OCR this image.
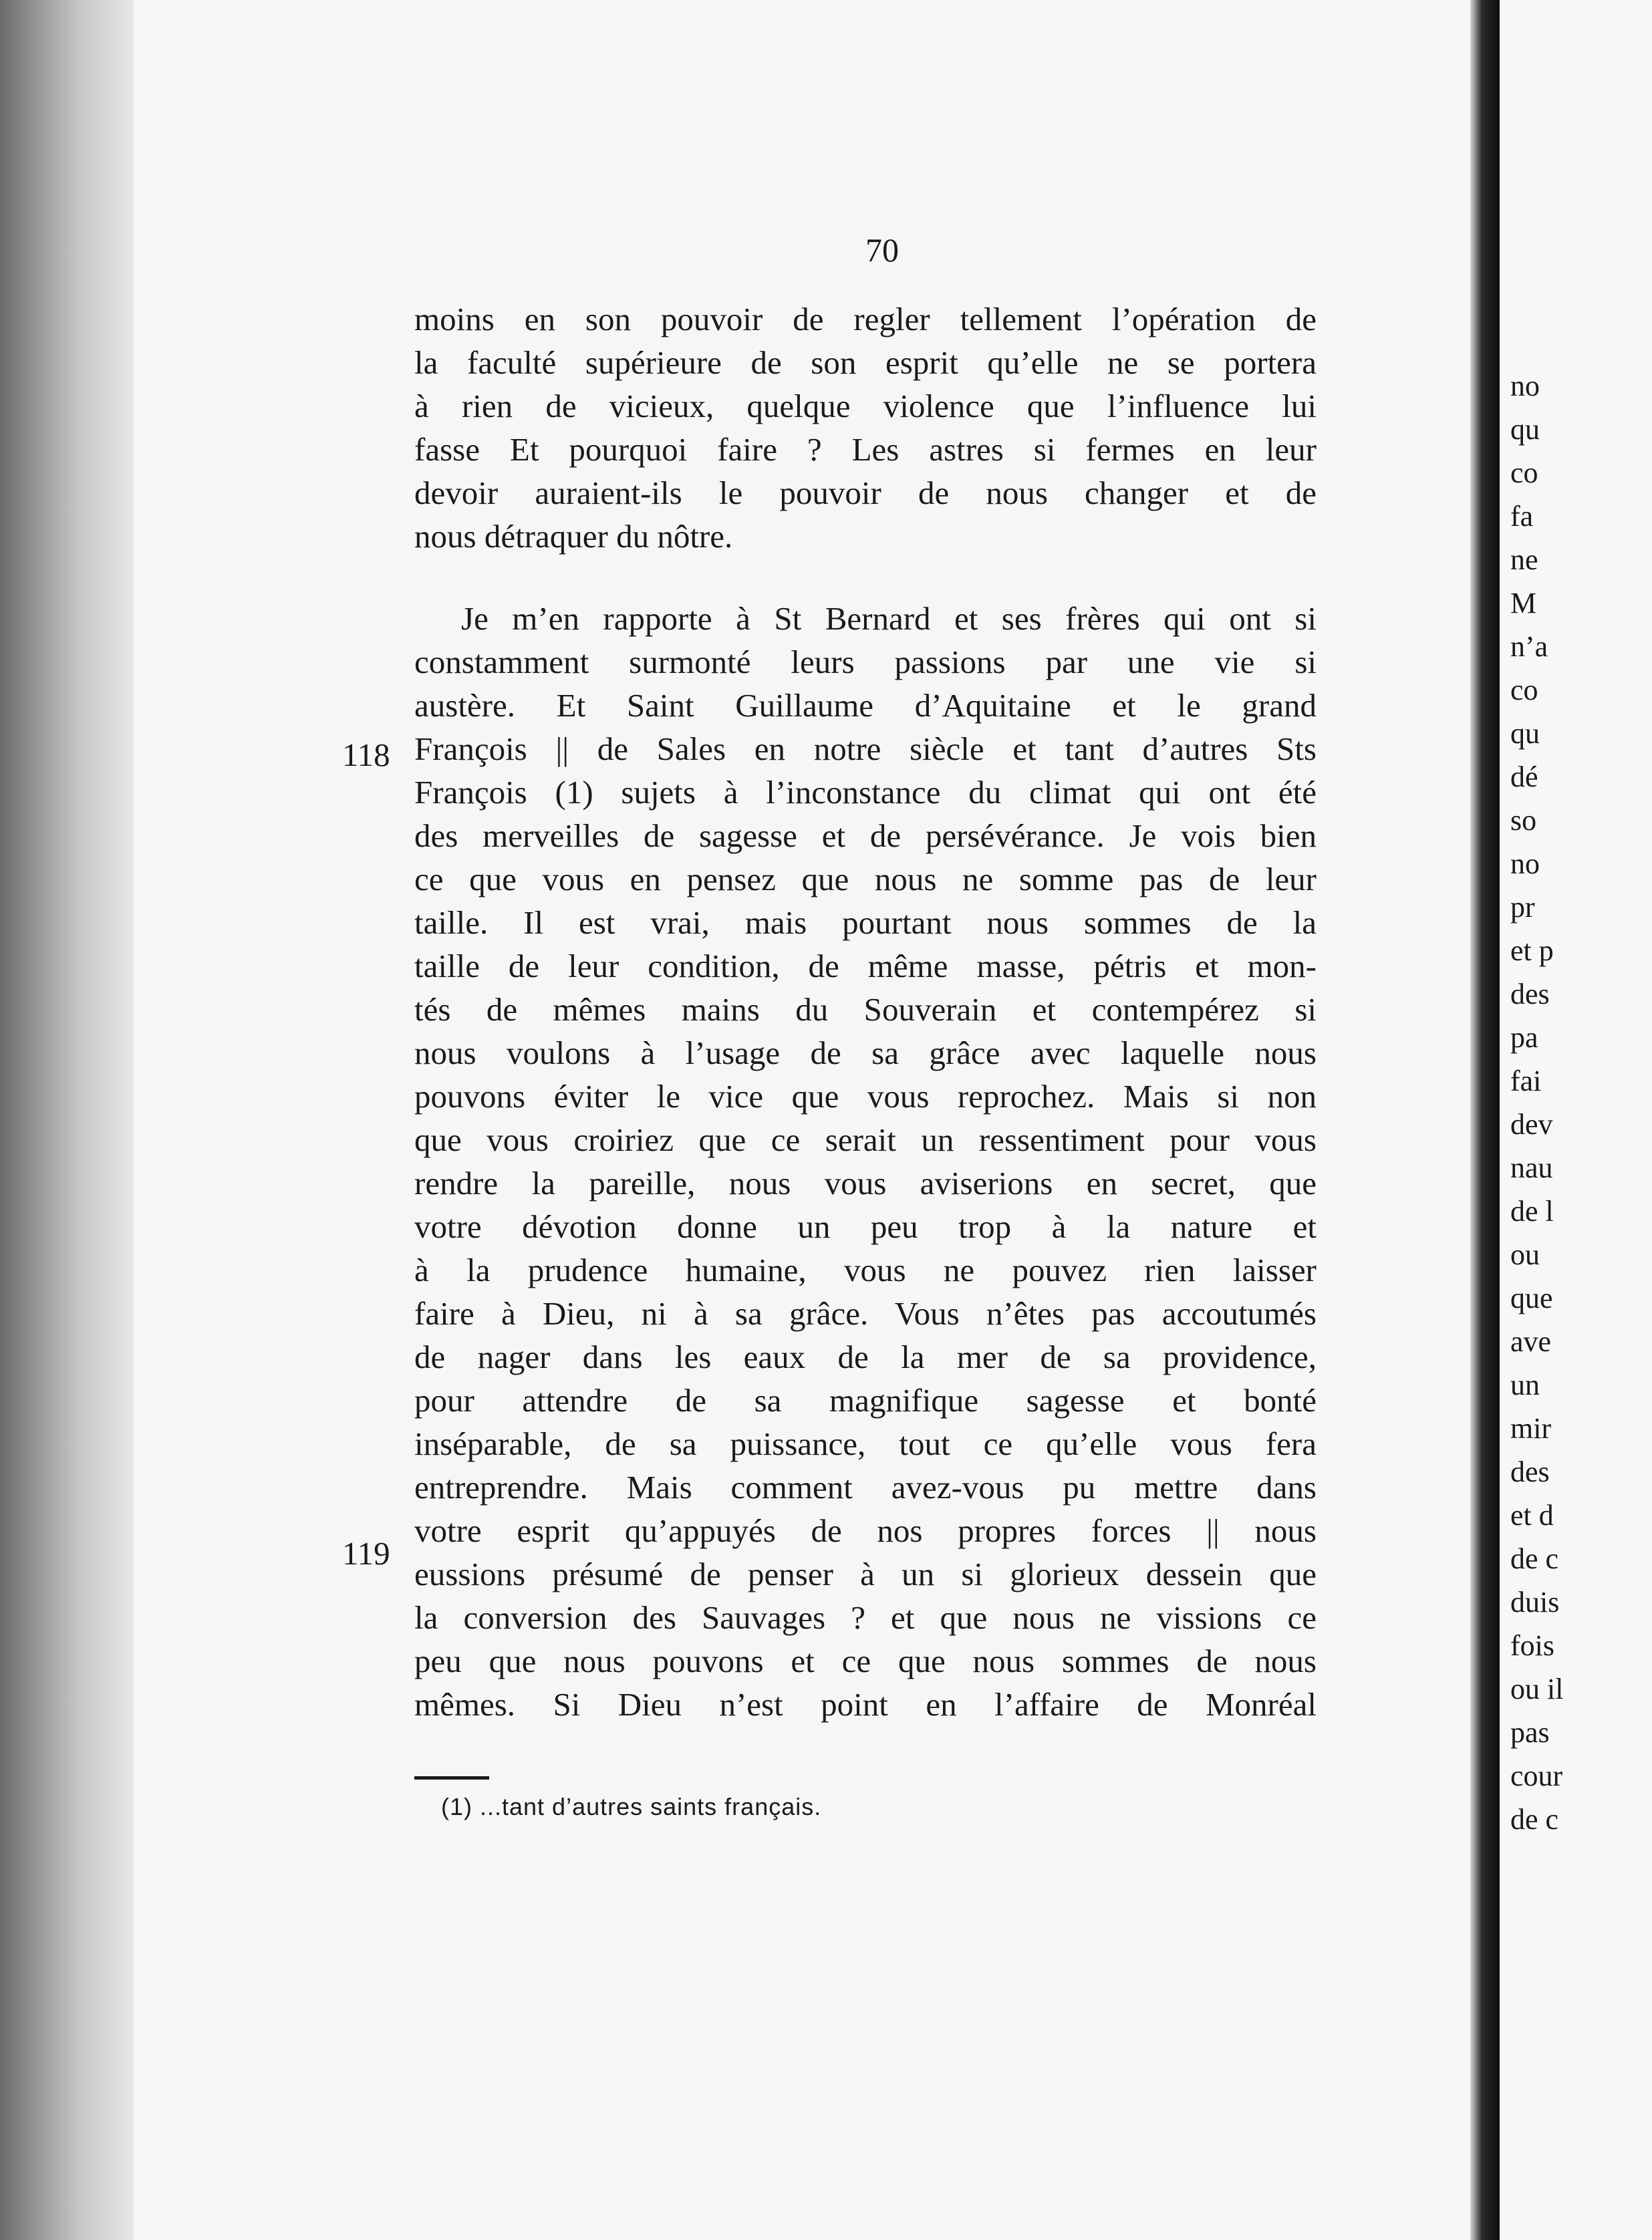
70
moins en son pouvoir de regler tellement l’opération de
la faculté supérieure de son esprit qu’elle ne se portera
à rien de vicieux, quelque violence que l’influence lui
fasse Et pourquoi faire ? Les astres si fermes en leur
devoir auraient-ils le pouvoir de nous changer et de
nous détraquer du nôtre.
Je m’en rapporte à St Bernard et ses frères qui ont si
constamment surmonté leurs passions par une vie si
austère. Et Saint Guillaume d’Aquitaine et le grand
François || de Sales en notre siècle et tant d’autres Sts
François (1) sujets à l’inconstance du climat qui ont été
des merveilles de sagesse et de persévérance. Je vois bien
ce que vous en pensez que nous ne somme pas de leur
taille. Il est vrai, mais pourtant nous sommes de la
taille de leur condition, de même masse, pétris et mon-
tés de mêmes mains du Souverain et contempérez si
nous voulons à l’usage de sa grâce avec laquelle nous
pouvons éviter le vice que vous reprochez. Mais si non
que vous croiriez que ce serait un ressentiment pour vous
rendre la pareille, nous vous aviserions en secret, que
votre dévotion donne un peu trop à la nature et
à la prudence humaine, vous ne pouvez rien laisser
faire à Dieu, ni à sa grâce. Vous n’êtes pas accoutumés
de nager dans les eaux de la mer de sa providence,
pour attendre de sa magnifique sagesse et bonté
inséparable, de sa puissance, tout ce qu’elle vous fera
entreprendre. Mais comment avez-vous pu mettre dans
votre esprit qu’appuyés de nos propres forces || nous
eussions présumé de penser à un si glorieux dessein que
la conversion des Sauvages ? et que nous ne vissions ce
peu que nous pouvons et ce que nous sommes de nous
mêmes. Si Dieu n’est point en l’affaire de Monréal
118
119
(1) ...tant d’autres saints français.
no
qu
co
fa
ne
M
n’a
co
qu
dé
so
no
pr
et p
des
pa
fai
dev
nau
de l
ou
que
ave
un
mir
des
et d
de c
duis
fois
ou il
pas
cour
de c
